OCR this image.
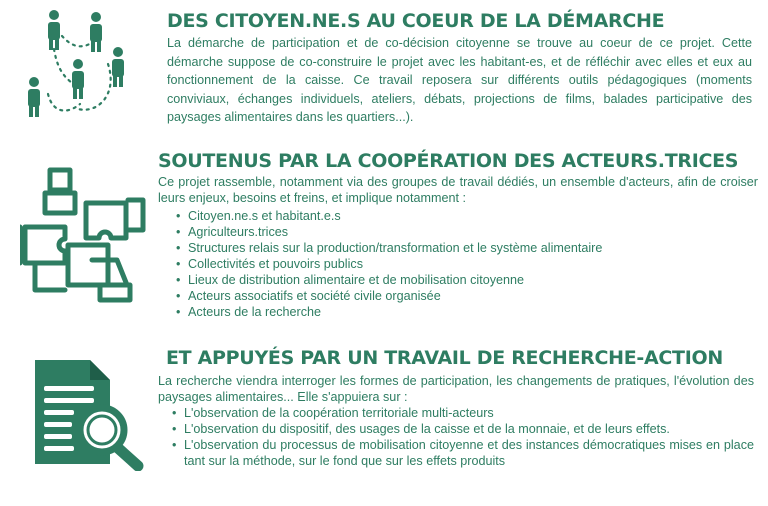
DES CITOYEN.NE.S AU COEUR DE LA DÉMARCHE

La démarche de participation et de co-décision citoyenne se trouve au coeur de ce projet. Cette démarche suppose de co-construire le projet avec les habitant-es, et de réfléchir avec elles et eux au fonctionnement de la caisse. Ce travail reposera sur différents outils pédagogiques (moments conviviaux, échanges individuels, ateliers, débats, projections de films, balades participative des paysages alimentaires dans les quartiers...).

SOUTENUS PAR LA COOPÉRATION DES ACTEURS.TRICES

Ce projet rassemble, notamment via des groupes de travail dédiés, un ensemble d'acteurs, afin de croiser leurs enjeux, besoins et freins, et implique notamment :

• Citoyen.ne.s et habitant.e.s
• Agriculteurs.trices
• Structures relais sur la production/transformation et le système alimentaire
• Collectivités et pouvoirs publics
• Lieux de distribution alimentaire et de mobilisation citoyenne
• Acteurs associatifs et société civile organisée
• Acteurs de la recherche
ET APPUYÉS PAR UN TRAVAIL DE RECHERCHE-ACTION

La recherche viendra interroger les formes de participation, les changements de pratiques, l'évolution des paysages alimentaires... Elle s'appuiera sur :

• L'observation de la coopération territoriale multi-acteurs
• L'observation du dispositif, des usages de la caisse et de la monnaie, et de leurs effets.
• L'observation du processus de mobilisation citoyenne et des instances démocratiques mises en place tant sur la méthode, sur le fond que sur les effets produits
